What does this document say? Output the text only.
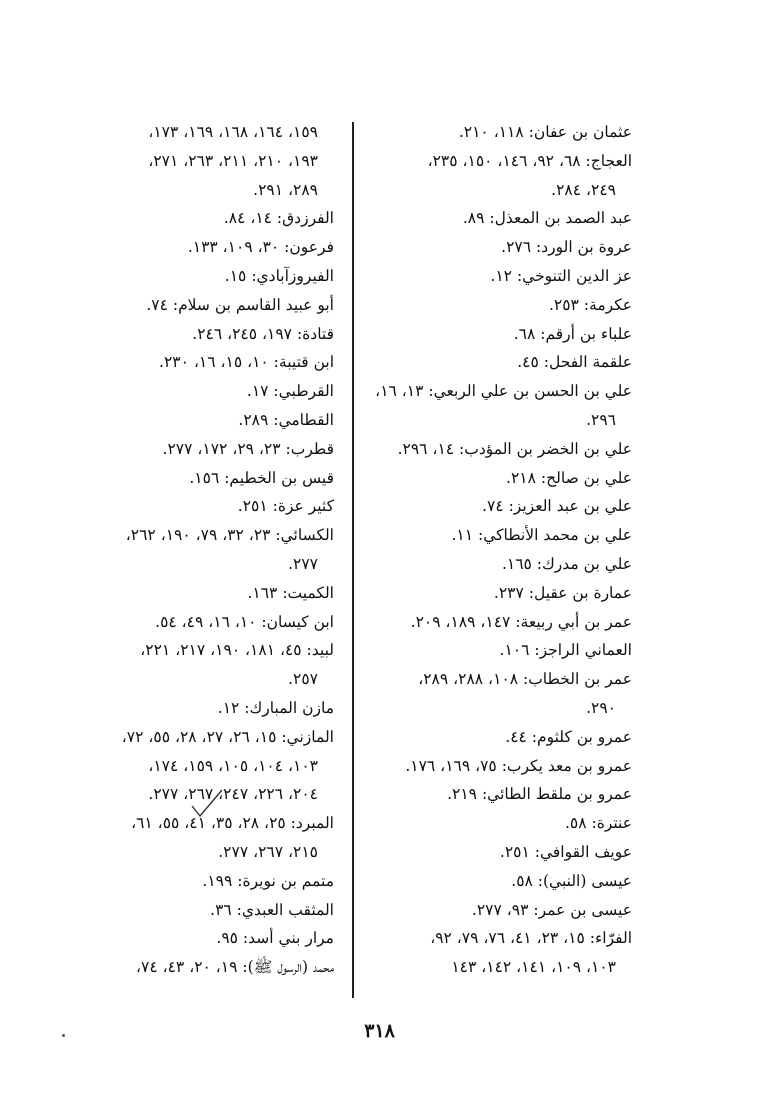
عثمان بن عفان: ١١٨، ٢١٠.
العجاج: ٦٨، ٩٢، ١٤٦، ١٥٠، ٢٣٥،
٢٤٩، ٢٨٤.
عبد الصمد بن المعذل: ٨٩.
عروة بن الورد: ٢٧٦.
عز الدين التنوخي: ١٢.
عكرمة: ٢٥٣.
علباء بن أرقم: ٦٨.
علقمة الفحل: ٤٥.
علي بن الحسن بن علي الربعي: ١٣، ١٦،
٢٩٦.
علي بن الخضر بن المؤدب: ١٤، ٢٩٦.
علي بن صالح: ٢١٨.
علي بن عبد العزيز: ٧٤.
علي بن محمد الأنطاكي: ١١.
علي بن مدرك: ١٦٥.
عمارة بن عقيل: ٢٣٧.
عمر بن أبي ربيعة: ١٤٧، ١٨٩، ٢٠٩.
العماني الراجز: ١٠٦.
عمر بن الخطاب: ١٠٨، ٢٨٨، ٢٨٩،
٢٩٠.
عمرو بن كلثوم: ٤٤.
عمرو بن معد يكرب: ٧٥، ١٦٩، ١٧٦.
عمرو بن ملقط الطائي: ٢١٩.
عنترة: ٥٨.
عويف القوافي: ٢٥١.
عيسى (النبي): ٥٨.
عيسى بن عمر: ٩٣، ٢٧٧.
الفرّاء: ١٥، ٢٣، ٤١، ٧٦، ٧٩، ٩٢،
١٠٣، ١٠٩، ١٤١، ١٤٢، ١٤٣
١٥٩، ١٦٤، ١٦٨، ١٦٩، ١٧٣،
١٩٣، ٢١٠، ٢١١، ٢٦٣، ٢٧١،
٢٨٩، ٢٩١.
الفرزدق: ١٤، ٨٤.
فرعون: ٣٠، ١٠٩، ١٣٣.
الفيروزآبادي: ١٥.
أبو عبيد القاسم بن سلام: ٧٤.
قتادة: ١٩٧، ٢٤٥، ٢٤٦.
ابن قتيبة: ١٠، ١٥، ١٦، ٢٣٠.
القرطبي: ١٧.
القطامي: ٢٨٩.
قطرب: ٢٣، ٢٩، ١٧٢، ٢٧٧.
قيس بن الخطيم: ١٥٦.
كثير عزة: ٢٥١.
الكسائي: ٢٣، ٣٢، ٧٩، ١٩٠، ٢٦٢،
٢٧٧.
الكميت: ١٦٣.
ابن كيسان: ١٠، ١٦، ٤٩، ٥٤.
لبيد: ٤٥، ١٨١، ١٩٠، ٢١٧، ٢٢١،
٢٥٧.
مازن المبارك: ١٢.
المازني: ١٥، ٢٦، ٢٧، ٢٨، ٥٥، ٧٢،
١٠٣، ١٠٤، ١٠٥، ١٥٩، ١٧٤،
٢٠٤، ٢٢٦، ٢٤٧، ٢٦٧، ٢٧٧.
المبرد: ٢٥، ٢٨، ٣٥، ٤١، ٥٥، ٦١،
٢١٥، ٢٦٧، ٢٧٧.
متمم بن نويرة: ١٩٩.
المثقب العبدي: ٣٦.
مرار بني أسد: ٩٥.
محمد (الرسول ﷺ): ١٩، ٢٠، ٤٣، ٧٤،
٣١٨
